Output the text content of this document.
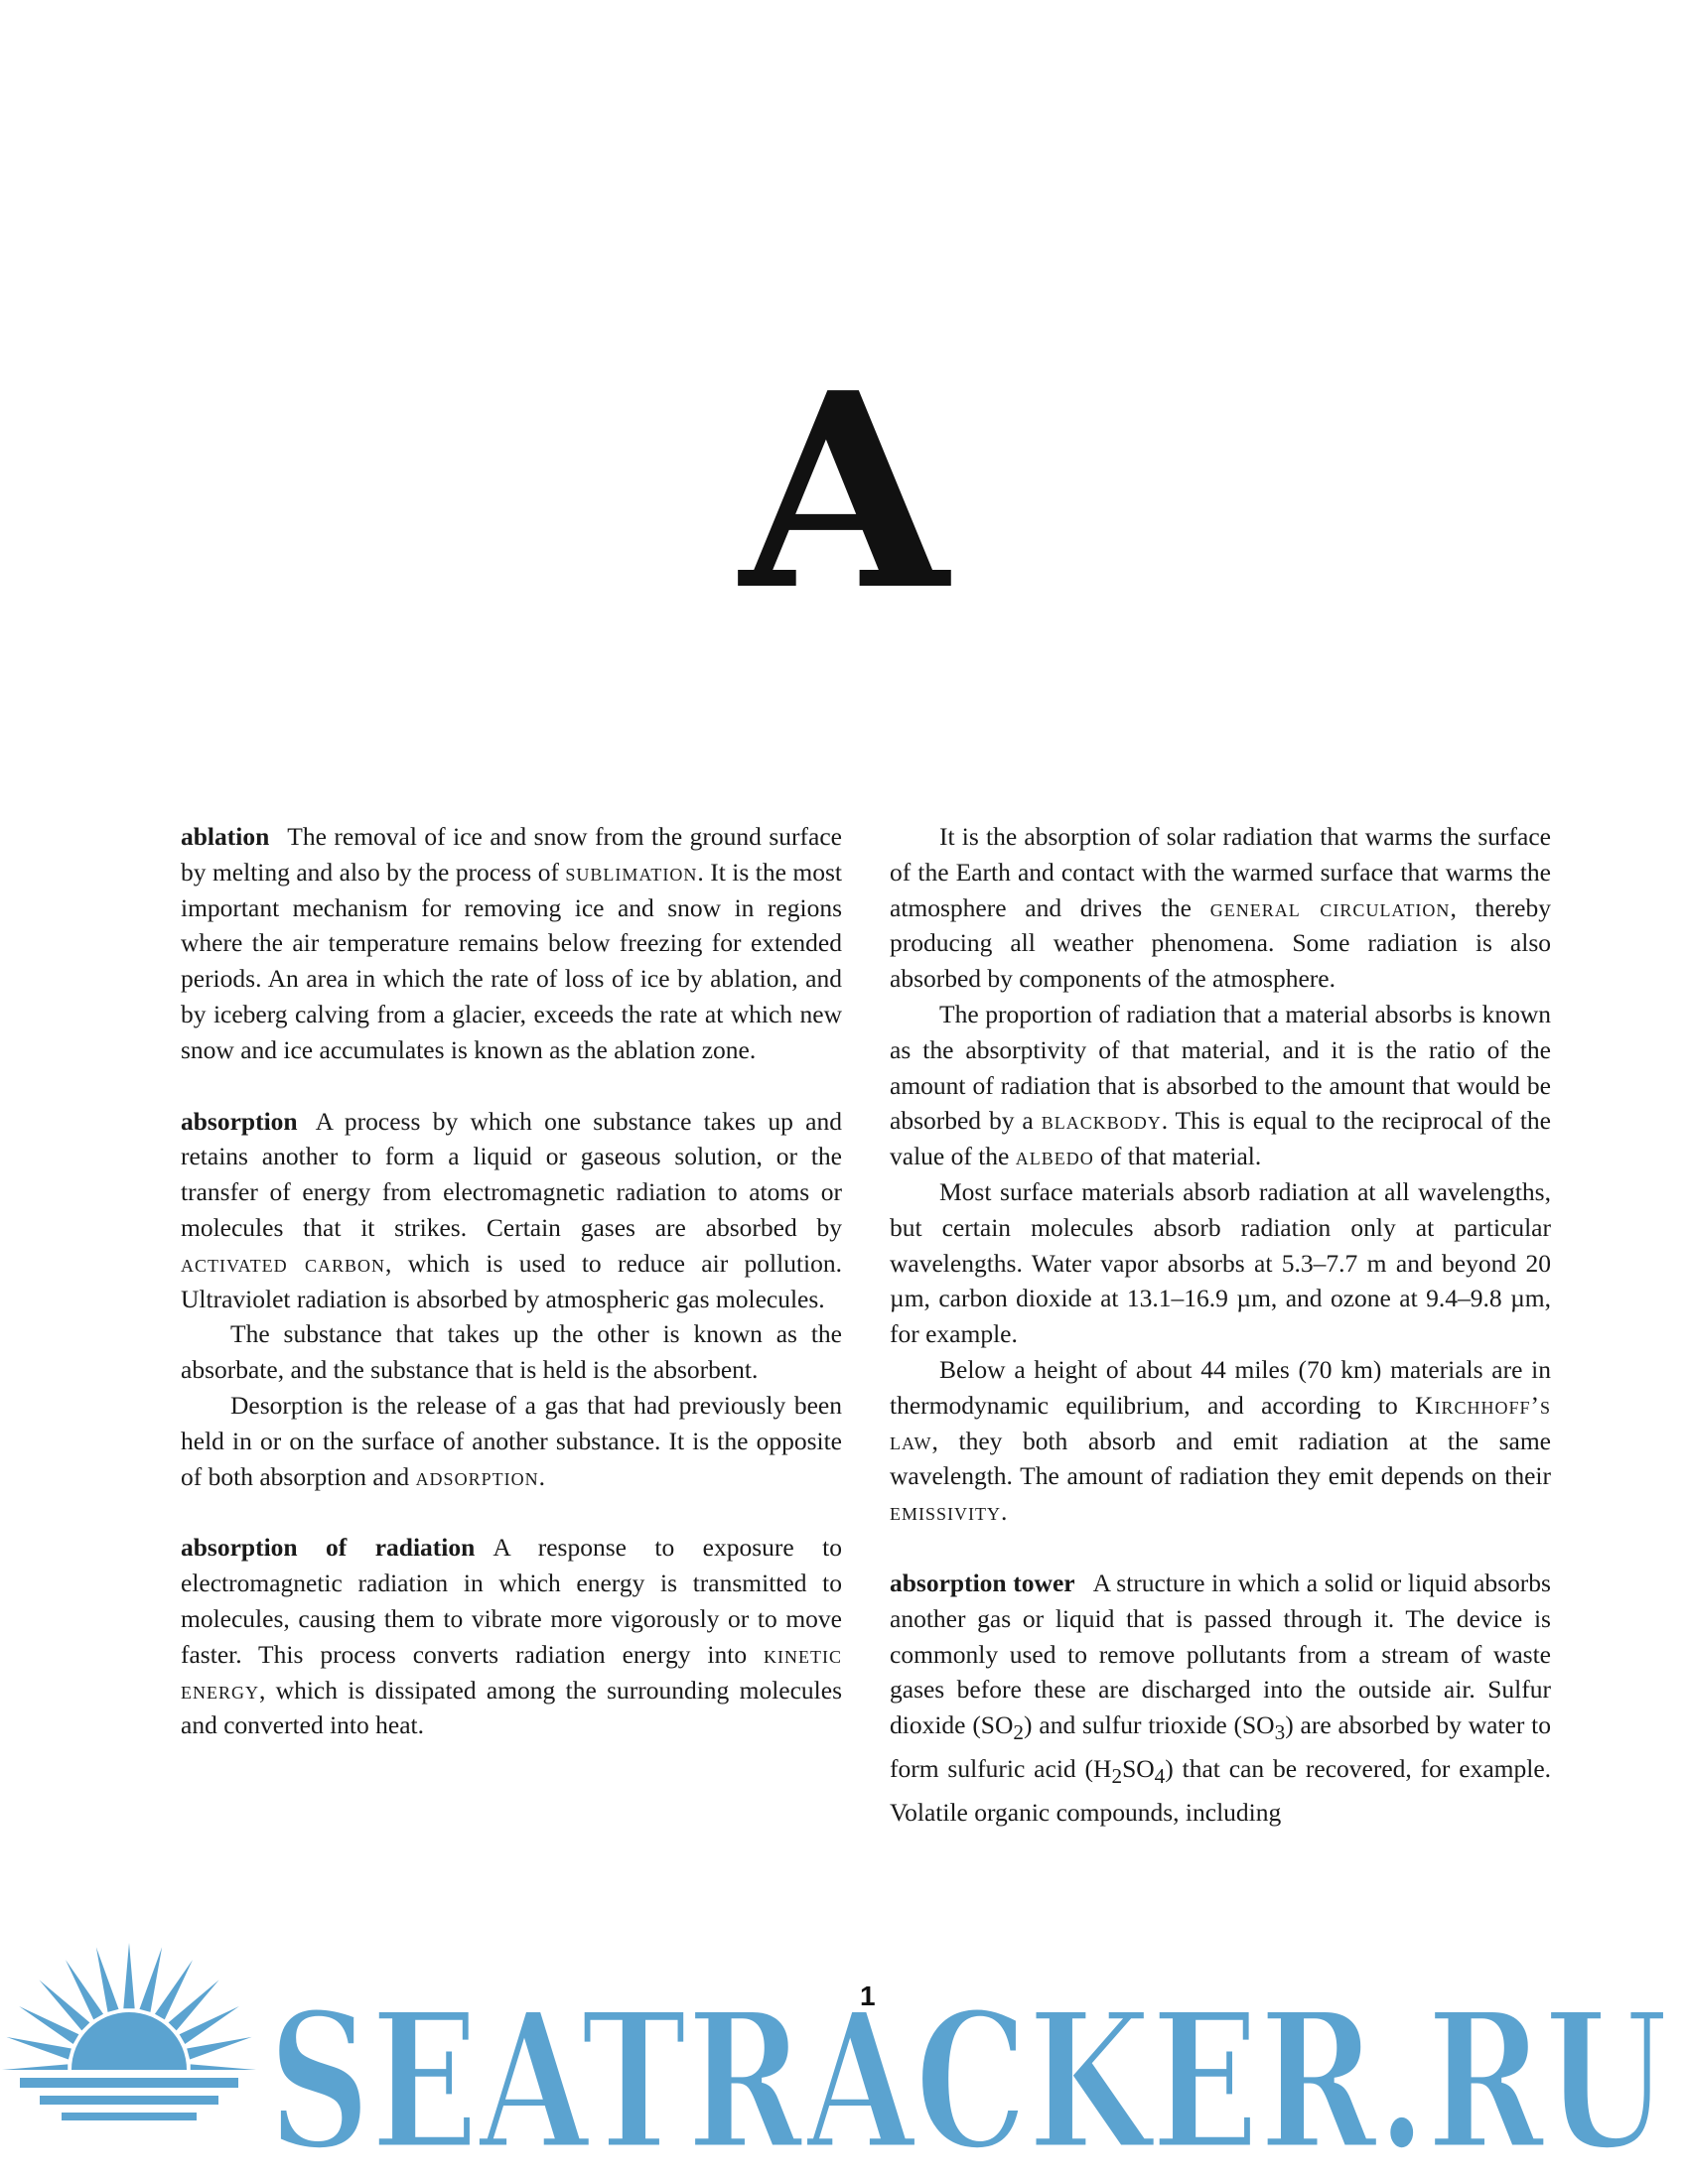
A

ablation The removal of ice and snow from the ground surface by melting and also by the process of sublimation. It is the most important mechanism for removing ice and snow in regions where the air temperature remains below freezing for extended periods. An area in which the rate of loss of ice by ablation, and by iceberg calving from a glacier, exceeds the rate at which new snow and ice accumulates is known as the ablation zone.

absorption A process by which one substance takes up and retains another to form a liquid or gaseous solution, or the transfer of energy from electromagnetic radiation to atoms or molecules that it strikes. Certain gases are absorbed by activated carbon, which is used to reduce air pollution. Ultraviolet radiation is absorbed by atmospheric gas molecules.

The substance that takes up the other is known as the absorbate, and the substance that is held is the absorbent.

Desorption is the release of a gas that had previously been held in or on the surface of another substance. It is the opposite of both absorption and adsorption.

absorption of radiation A response to exposure to electromagnetic radiation in which energy is transmitted to molecules, causing them to vibrate more vigorously or to move faster. This process converts radiation energy into kinetic energy, which is dissipated among the surrounding molecules and converted into heat.

It is the absorption of solar radiation that warms the surface of the Earth and contact with the warmed surface that warms the atmosphere and drives the general circulation, thereby producing all weather phenomena. Some radiation is also absorbed by components of the atmosphere.

The proportion of radiation that a material absorbs is known as the absorptivity of that material, and it is the ratio of the amount of radiation that is absorbed to the amount that would be absorbed by a blackbody. This is equal to the reciprocal of the value of the albedo of that material.

Most surface materials absorb radiation at all wavelengths, but certain molecules absorb radiation only at particular wavelengths. Water vapor absorbs at 5.3–7.7 m and beyond 20 µm, carbon dioxide at 13.1–16.9 µm, and ozone at 9.4–9.8 µm, for example.

Below a height of about 44 miles (70 km) materials are in thermodynamic equilibrium, and according to Kirchhoff’s law, they both absorb and emit radiation at the same wavelength. The amount of radiation they emit depends on their emissivity.

absorption tower A structure in which a solid or liquid absorbs another gas or liquid that is passed through it. The device is commonly used to remove pollutants from a stream of waste gases before these are discharged into the outside air. Sulfur dioxide $(SO_2)$ and sulfur trioxide $(SO_3)$ are absorbed by water to form sulfuric acid $(H_2SO_4)$ that can be recovered, for example. Volatile organic compounds, including

SEATRACKER.RU
1
